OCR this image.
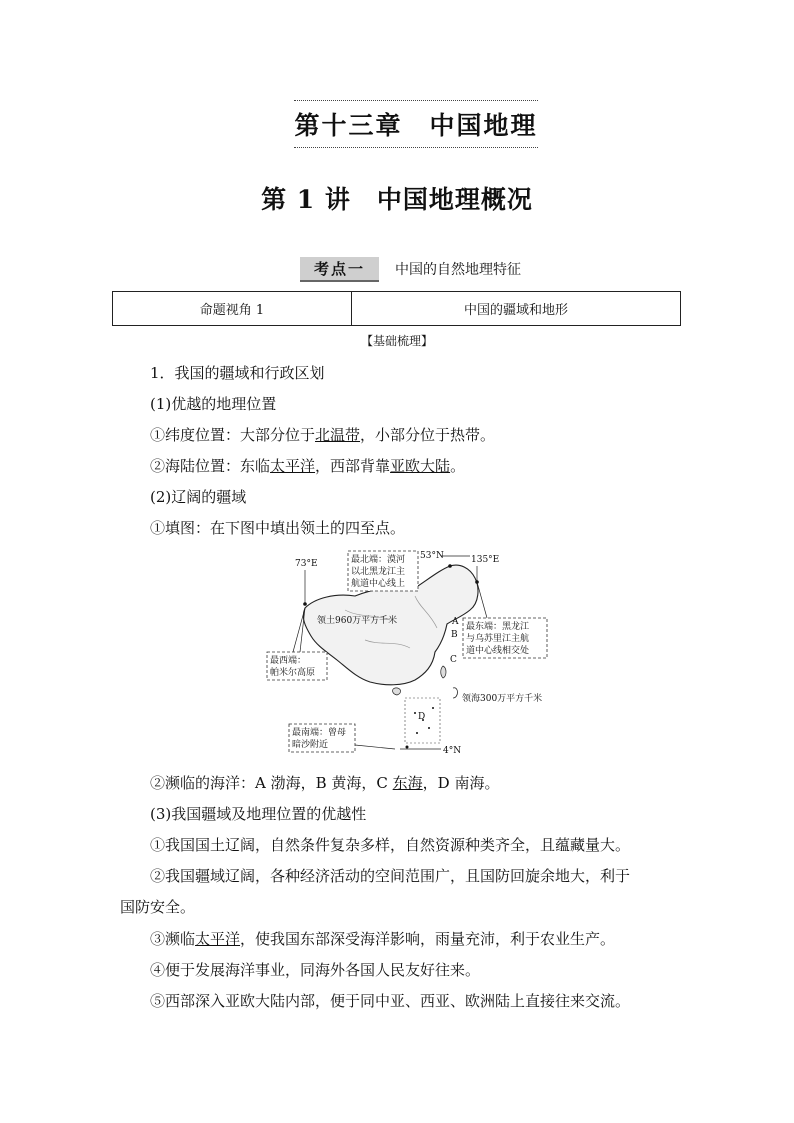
第十三章　中国地理
第 1 讲　中国地理概况
考点一	中国的自然地理特征
命题视角 1	中国的疆域和地形
【基础梳理】
1．我国的疆域和行政区划
(1)优越的地理位置
①纬度位置：大部分位于北温带，小部分位于热带。
②海陆位置：东临太平洋，西部背靠亚欧大陆。
(2)辽阔的疆域
①填图：在下图中填出领土的四至点。
最北端：漠河
以北黑龙江主
航道中心线上
53°N	135°E
73°E
最西端：
帕米尔高原
领土960万平方千米
最东端：黑龙江
与乌苏里江主航
道中心线相交处
A
B
C
D
领海300万平方千米
最南端：曾母
暗沙附近
4°N
②濒临的海洋：A 渤海，B 黄海，C 东海，D 南海。
(3)我国疆域及地理位置的优越性
①我国国土辽阔，自然条件复杂多样，自然资源种类齐全，且蕴藏量大。
②我国疆域辽阔，各种经济活动的空间范围广，且国防回旋余地大，利于
国防安全。
③濒临太平洋，使我国东部深受海洋影响，雨量充沛，利于农业生产。
④便于发展海洋事业，同海外各国人民友好往来。
⑤西部深入亚欧大陆内部，便于同中亚、西亚、欧洲陆上直接往来交流。
